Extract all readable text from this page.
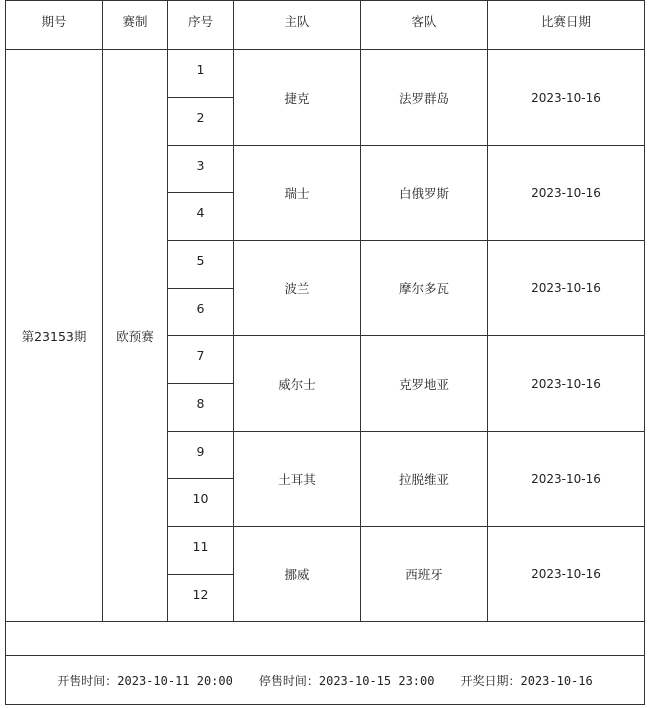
期号	赛制	序号	主队	客队	比赛日期
第23153期	欧预赛	1	捷克	法罗群岛	2023-10-16
		2			
		3	瑞士	白俄罗斯	2023-10-16
		4			
		5	波兰	摩尔多瓦	2023-10-16
		6			
		7	威尔士	克罗地亚	2023-10-16
		8			
		9	土耳其	拉脱维亚	2023-10-16
		10			
		11	挪威	西班牙	2023-10-16
		12			

开售时间：2023-10-11 20:00 停售时间：2023-10-15 23:00 开奖日期：2023-10-16					
